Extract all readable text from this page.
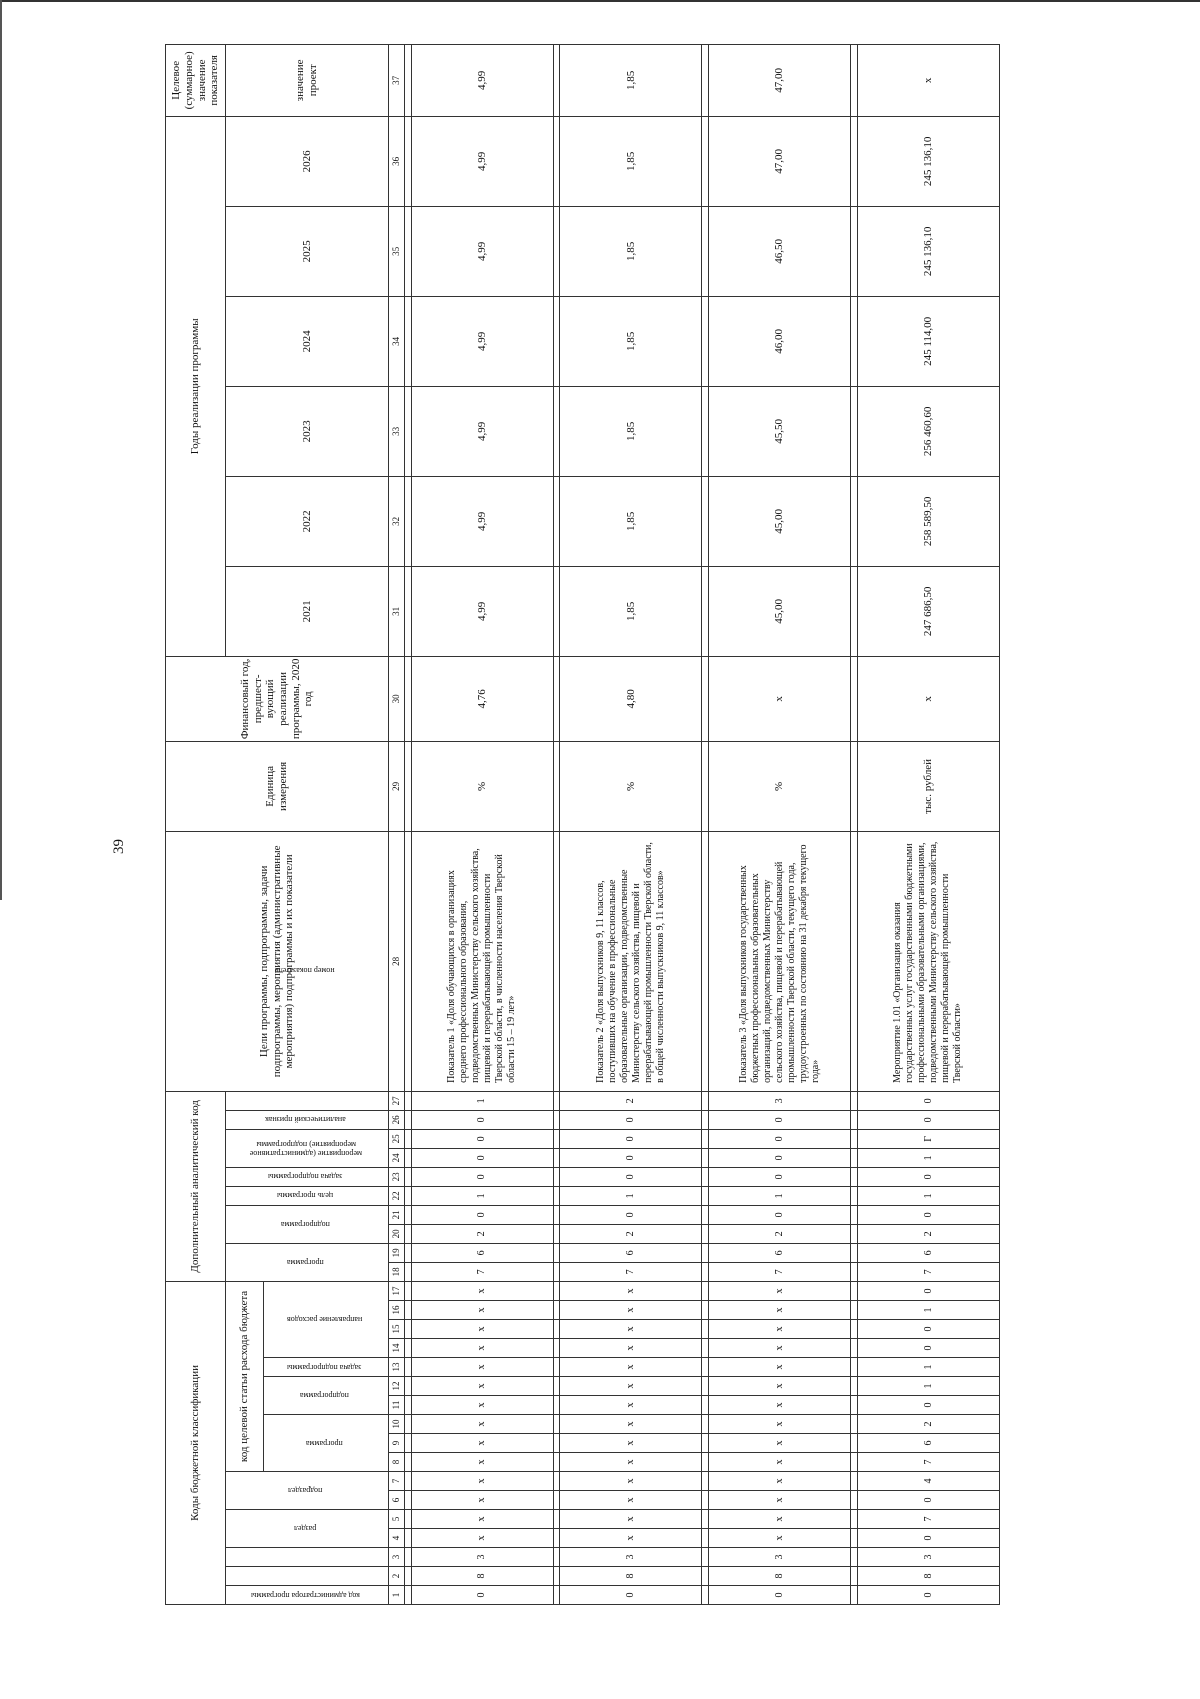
39
Коды бюджетной классификации																	Дополнительный аналитический код										Цели программы, подпрограммы, задачи подпрограммы, мероприятия (административные мероприятия) подпрограммы и их показатели	Единица измерения	Финансовый год, предшест-вующий реализации программы, 2020 год	Годы реализации программы						Целевое (суммарное) значение показателя
код администратора программы			раздел		подраздел		код целевой статьи расхода бюджета										программа		подпрограмма		цель программы	задача подпрограммы	мероприятие (административное мероприятие) подпрограммы		аналитический признак	номер показателя				2021	2022	2023	2024	2025	2026	значение проект
							программа			подпрограмма		задача подпрограммы	направление расходов																							
1	2	3	4	5	6	7	8	9	10	11	12	13	14	15	16	17	18	19	20	21	22	23	24	25	26	27	28	29	30	31	32	33	34	35	36	37

0	8	3	x	x	x	x	x	x	x	x	x	x	x	x	x	x	7	6	2	0	1	0	0	0	0	1	Показатель 1 «Доля обучающихся в организациях среднего профессионального образования, подведомственных Министерству сельского хозяйства, пищевой и перерабатывающей промышленности Тверской области, в численности населения Тверской области 15 – 19 лет»	%	4,76	4,99	4,99	4,99	4,99	4,99	4,99	4,99

0	8	3	x	x	x	x	x	x	x	x	x	x	x	x	x	x	7	6	2	0	1	0	0	0	0	2	Показатель 2 «Доля выпускников 9, 11 классов, поступивших на обучение в профессиональные образовательные организации, подведомственные Министерству сельского хозяйства, пищевой и перерабатывающей промышленности Тверской области, в общей численности выпускников 9, 11 классов»	%	4,80	1,85	1,85	1,85	1,85	1,85	1,85	1,85

0	8	3	x	x	x	x	x	x	x	x	x	x	x	x	x	x	7	6	2	0	1	0	0	0	0	3	Показатель 3 «Доля выпускников государственных бюджетных профессиональных образовательных организаций, подведомственных Министерству сельского хозяйства, пищевой и перерабатывающей промышленности Тверской области, текущего года, трудоустроенных по состоянию на 31 декабря текущего года»	%	x	45,00	45,00	45,50	46,00	46,50	47,00	47,00

0	8	3	0	7	0	4	7	6	2	0	1	1	0	0	1	0	7	6	2	0	1	0	1	Г	0	0	Мероприятие 1.01 «Организация оказания государственных услуг государственными бюджетными профессиональными образовательными организациями, подведомственными Министерству сельского хозяйства, пищевой и перерабатывающей промышленности Тверской области»	тыс. рублей	x	247 686,50	258 589,50	256 460,60	245 114,00	245 136,10	245 136,10	x
